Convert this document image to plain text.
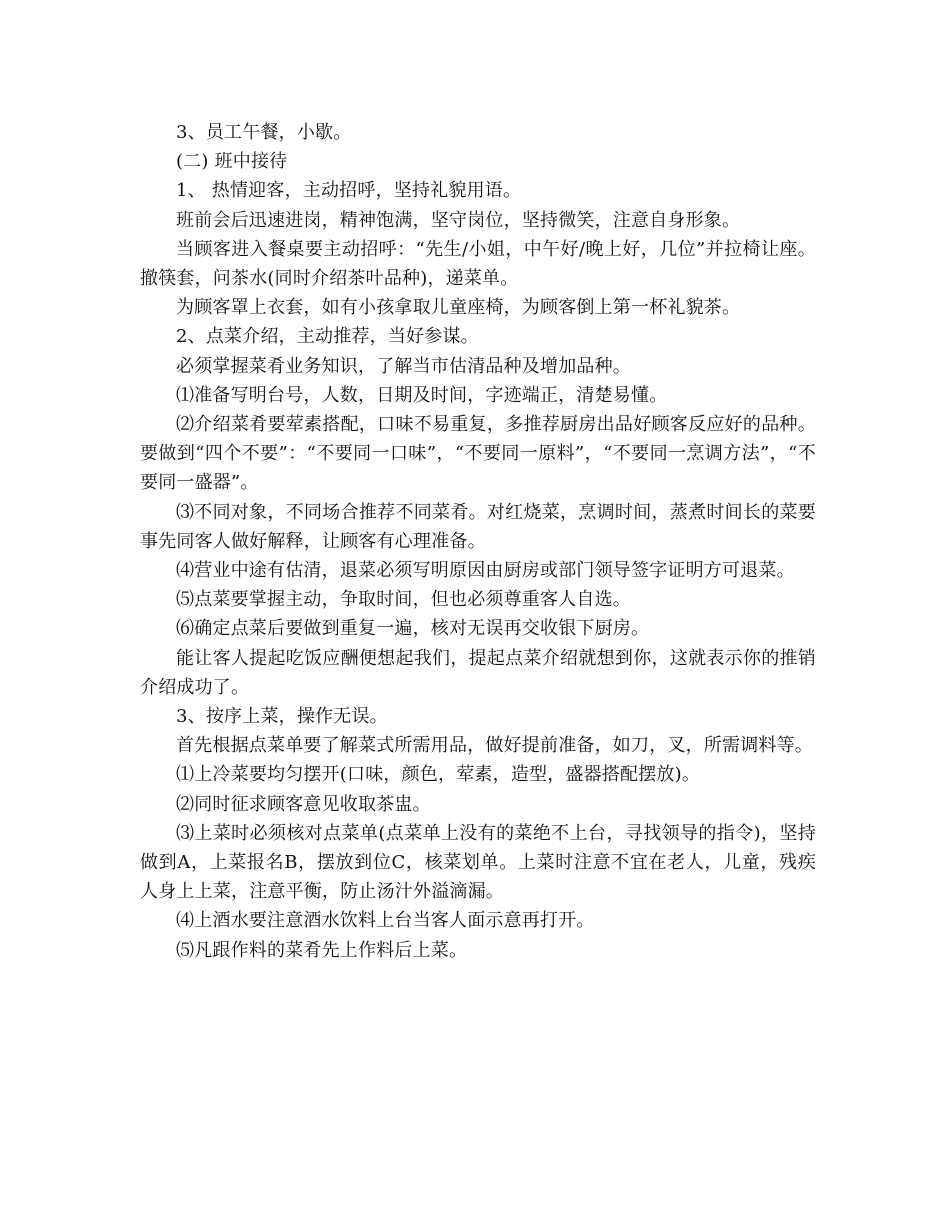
3、员工午餐，小歇。

(二) 班中接待

1、 热情迎客，主动招呼，坚持礼貌用语。

班前会后迅速进岗，精神饱满，坚守岗位，坚持微笑，注意自身形象。

当顾客进入餐桌要主动招呼：“先生/小姐，中午好/晚上好，几位”并拉椅让座。 撤筷套，问茶水(同时介绍茶叶品种)，递菜单。

为顾客罩上衣套，如有小孩拿取儿童座椅，为顾客倒上第一杯礼貌茶。

2、点菜介绍，主动推荐，当好参谋。

必须掌握菜肴业务知识，了解当市估清品种及增加品种。

⑴准备写明台号，人数，日期及时间，字迹端正，清楚易懂。

⑵介绍菜肴要荤素搭配，口味不易重复，多推荐厨房出品好顾客反应好的品种。要做到“四个不要”：“不要同一口味”，“不要同一原料”，“不要同一烹调方法”，“不要同一盛器”。

⑶不同对象，不同场合推荐不同菜肴。对红烧菜，烹调时间，蒸煮时间长的菜要事先同客人做好解释，让顾客有心理准备。

⑷营业中途有估清，退菜必须写明原因由厨房或部门领导签字证明方可退菜。

⑸点菜要掌握主动，争取时间，但也必须尊重客人自选。

⑹确定点菜后要做到重复一遍，核对无误再交收银下厨房。

能让客人提起吃饭应酬便想起我们，提起点菜介绍就想到你，这就表示你的推销介绍成功了。

3、按序上菜，操作无误。

首先根据点菜单要了解菜式所需用品，做好提前准备，如刀，叉，所需调料等。

⑴上冷菜要均匀摆开(口味，颜色，荤素，造型，盛器搭配摆放)。

⑵同时征求顾客意见收取茶盅。

⑶上菜时必须核对点菜单(点菜单上没有的菜绝不上台，寻找领导的指令)，坚持做到A，上菜报名B，摆放到位C，核菜划单。上菜时注意不宜在老人，儿童，残疾人身上上菜，注意平衡，防止汤汁外溢滴漏。

⑷上酒水要注意酒水饮料上台当客人面示意再打开。

⑸凡跟作料的菜肴先上作料后上菜。
